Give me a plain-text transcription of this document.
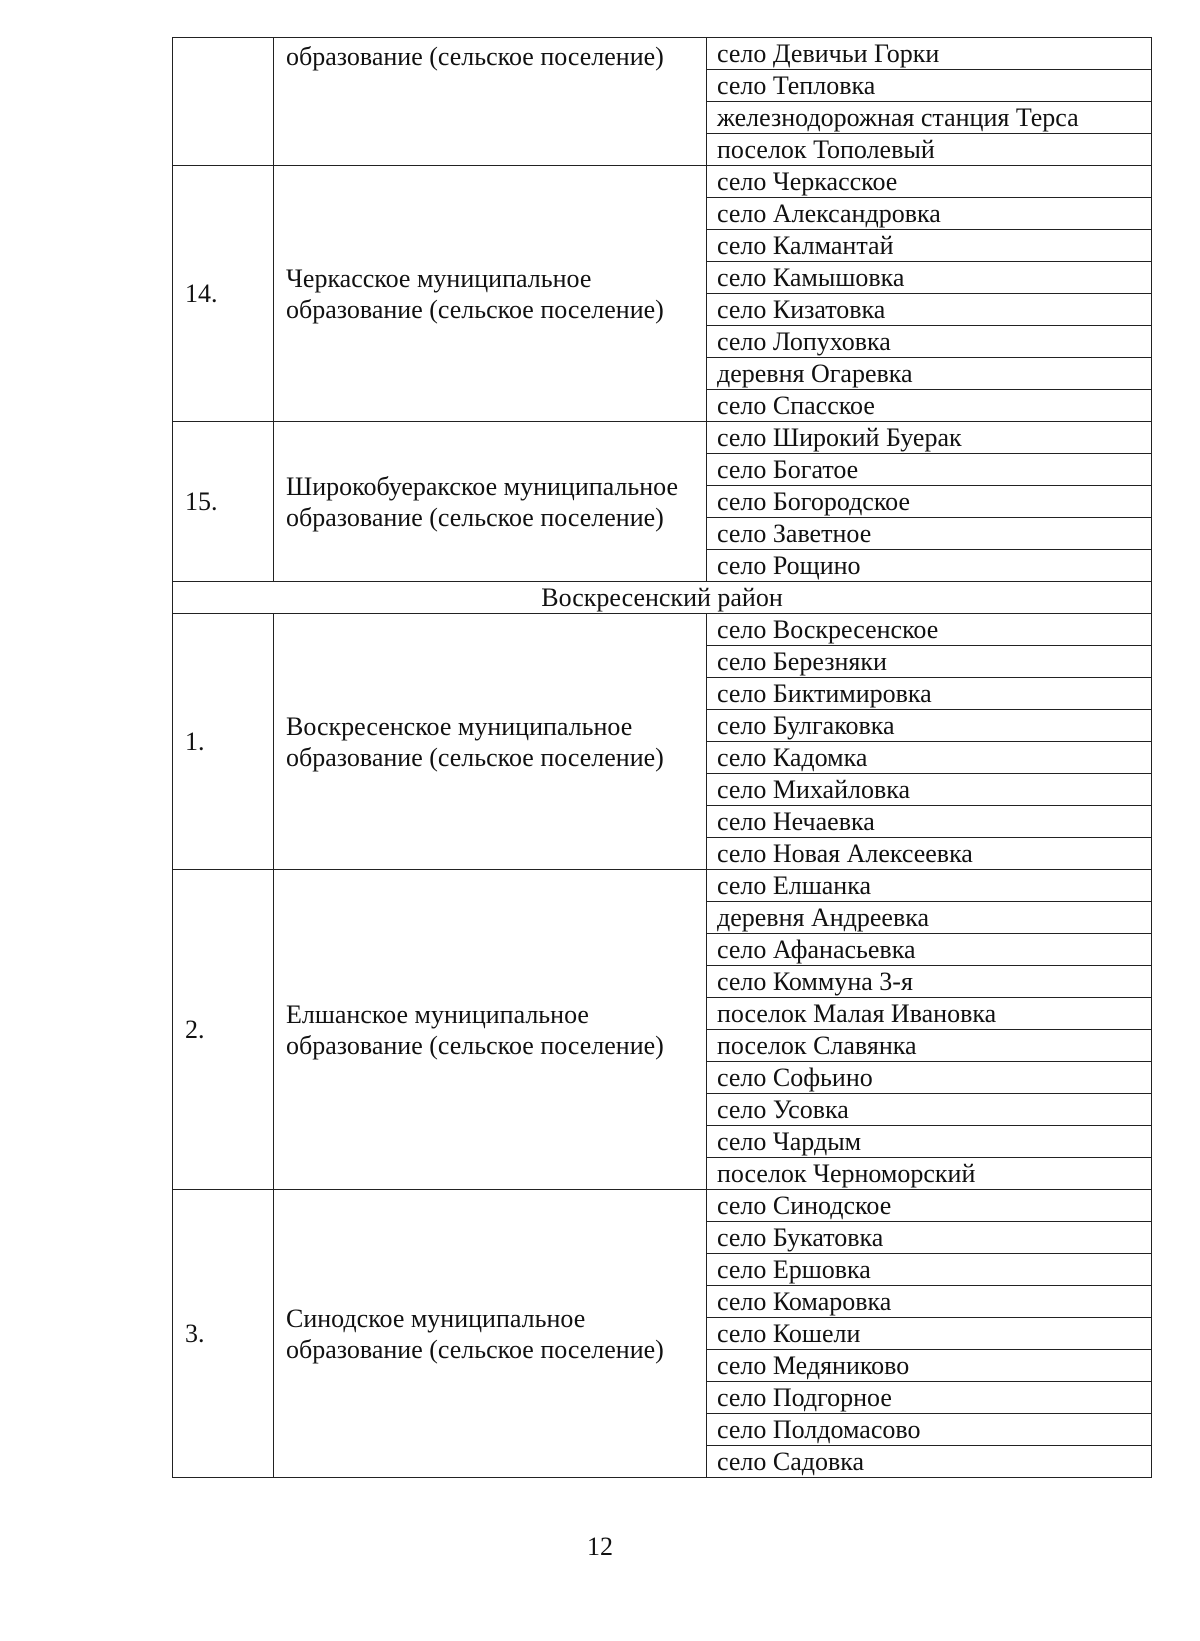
	образование (сельское поселение)	село Девичьи Горки
		село Тепловка
		железнодорожная станция Терса
		поселок Тополевый
14.	Черкасское муниципальное образование (сельское поселение)	село Черкасское
		село Александровка
		село Калмантай
		село Камышовка
		село Кизатовка
		село Лопуховка
		деревня Огаревка
		село Спасское
15.	Широкобуеракское муниципальное образование (сельское поселение)	село Широкий Буерак
		село Богатое
		село Богородское
		село Заветное
		село Рощино
Воскресенский район		
1.	Воскресенское муниципальное образование (сельское поселение)	село Воскресенское
		село Березняки
		село Биктимировка
		село Булгаковка
		село Кадомка
		село Михайловка
		село Нечаевка
		село Новая Алексеевка
2.	Елшанское муниципальное образование (сельское поселение)	село Елшанка
		деревня Андреевка
		село Афанасьевка
		село Коммуна 3-я
		поселок Малая Ивановка
		поселок Славянка
		село Софьино
		село Усовка
		село Чардым
		поселок Черноморский
3.	Синодское муниципальное образование (сельское поселение)	село Синодское
		село Букатовка
		село Ершовка
		село Комаровка
		село Кошели
		село Медяниково
		село Подгорное
		село Полдомасово
		село Садовка
12
